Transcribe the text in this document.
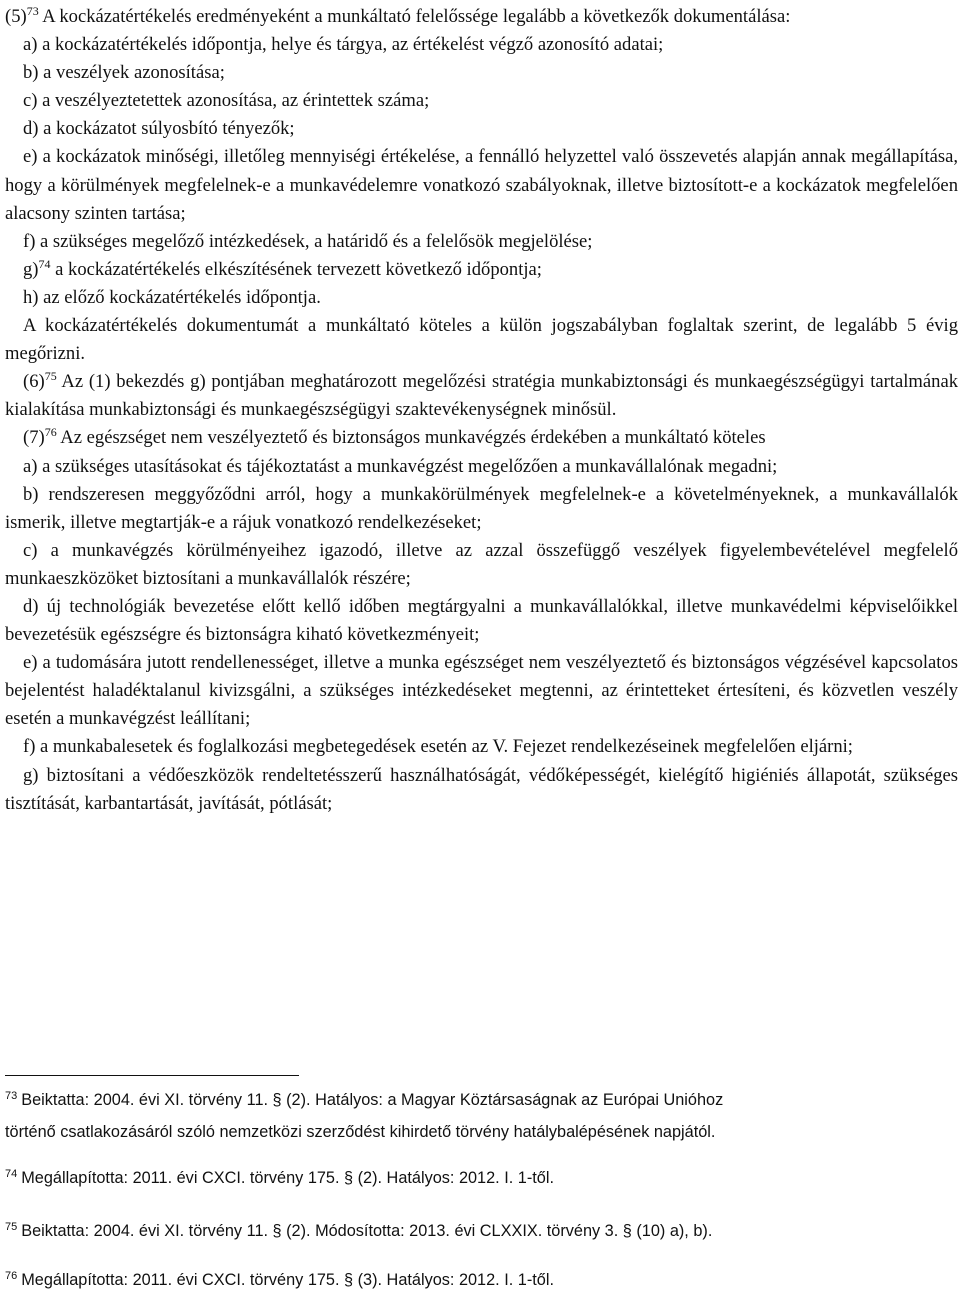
$(5)^{73}$ A kockázatértékelés eredményeként a munkáltató felelőssége legalább a következők dokumentálása:

a) a kockázatértékelés időpontja, helye és tárgya, az értékelést végző azonosító adatai;

b) a veszélyek azonosítása;

c) a veszélyeztetettek azonosítása, az érintettek száma;

d) a kockázatot súlyosbító tényezők;

e) a kockázatok minőségi, illetőleg mennyiségi értékelése, a fennálló helyzettel való összevetés alapján annak megállapítása, hogy a körülmények megfelelnek-e a munkavédelemre vonatkozó szabályoknak, illetve biztosított-e a kockázatok megfelelően alacsony szinten tartása;

f) a szükséges megelőző intézkedések, a határidő és a felelősök megjelölése;

g)$^{74}$ a kockázatértékelés elkészítésének tervezett következő időpontja;

h) az előző kockázatértékelés időpontja.

A kockázatértékelés dokumentumát a munkáltató köteles a külön jogszabályban foglaltak szerint, de legalább 5 évig megőrizni.

$(6)^{75}$ Az (1) bekezdés g) pontjában meghatározott megelőzési stratégia munkabiztonsági és munkaegészségügyi tartalmának kialakítása munkabiztonsági és munkaegészségügyi szaktevékenységnek minősül.

$(7)^{76}$ Az egészséget nem veszélyeztető és biztonságos munkavégzés érdekében a munkáltató köteles

a) a szükséges utasításokat és tájékoztatást a munkavégzést megelőzően a munkavállalónak megadni;

b) rendszeresen meggyőződni arról, hogy a munkakörülmények megfelelnek-e a követelményeknek, a munkavállalók ismerik, illetve megtartják-e a rájuk vonatkozó rendelkezéseket;

c) a munkavégzés körülményeihez igazodó, illetve az azzal összefüggő veszélyek figyelembevételével megfelelő munkaeszközöket biztosítani a munkavállalók részére;

d) új technológiák bevezetése előtt kellő időben megtárgyalni a munkavállalókkal, illetve munkavédelmi képviselőikkel bevezetésük egészségre és biztonságra kiható következményeit;

e) a tudomására jutott rendellenességet, illetve a munka egészséget nem veszélyeztető és biztonságos végzésével kapcsolatos bejelentést haladéktalanul kivizsgálni, a szükséges intézkedéseket megtenni, az érintetteket értesíteni, és közvetlen veszély esetén a munkavégzést leállítani;

f) a munkabalesetek és foglalkozási megbetegedések esetén az V. Fejezet rendelkezéseinek megfelelően eljárni;

g) biztosítani a védőeszközök rendeltetésszerű használhatóságát, védőképességét, kielégítő higiéniés állapotát, szükséges tisztítását, karbantartását, javítását, pótlását;

$^{73}$ Beiktatta: 2004. évi XI. törvény 11. § (2). Hatályos: a Magyar Köztársaságnak az Európai Unióhoz

történő csatlakozásáról szóló nemzetközi szerződést kihirdető törvény hatálybalépésének napjától.

$^{74}$ Megállapította: 2011. évi CXCI. törvény 175. § (2). Hatályos: 2012. I. 1-től.

$^{75}$ Beiktatta: 2004. évi XI. törvény 11. § (2). Módosította: 2013. évi CLXXIX. törvény 3. § (10) a), b).

$^{76}$ Megállapította: 2011. évi CXCI. törvény 175. § (3). Hatályos: 2012. I. 1-től.
